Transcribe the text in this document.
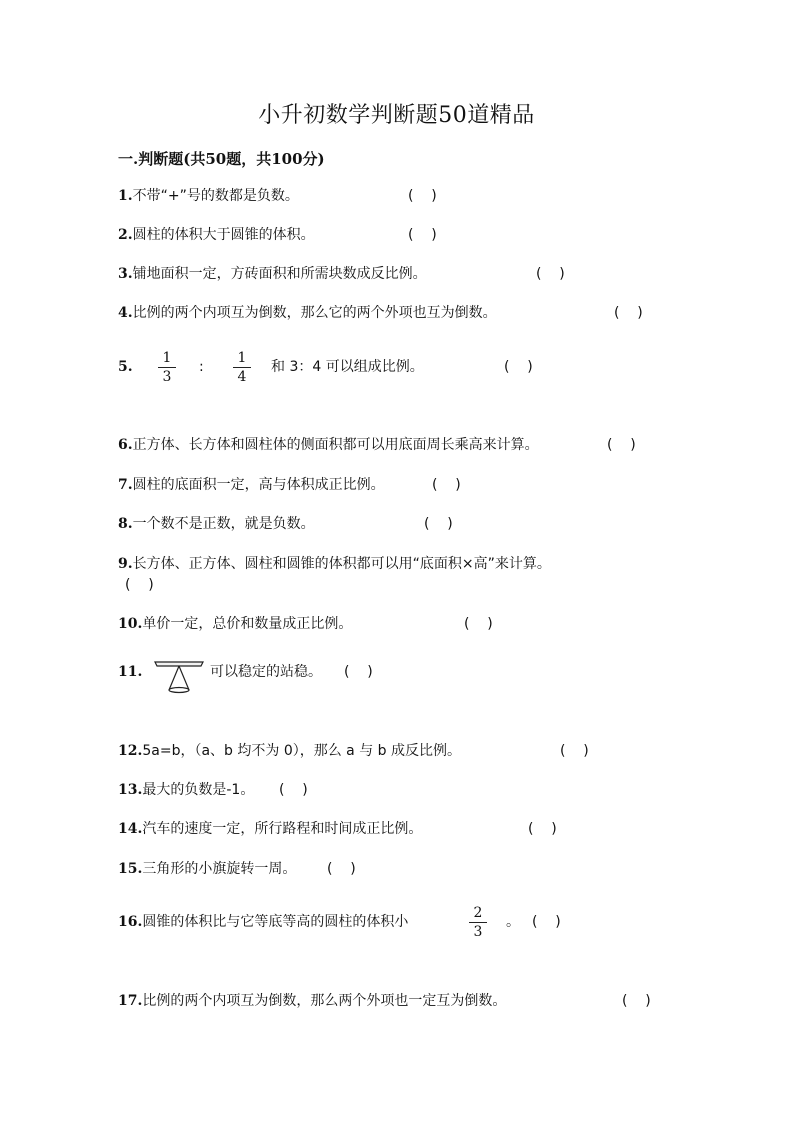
小升初数学判断题50道精品
一.判断题(共50题，共100分)
1.不带“+”号的数都是负数。	(    )
2.圆柱的体积大于圆锥的体积。	(    )
3.铺地面积一定，方砖面积和所需块数成反比例。	(    )
4.比例的两个内项互为倒数，那么它的两个外项也互为倒数。	(    )
5.
1
3
:
1
4
和 3：4 可以组成比例。	(    )
6.正方体、长方体和圆柱体的侧面积都可以用底面周长乘高来计算。	(    )
7.圆柱的底面积一定，高与体积成正比例。	(    )
8.一个数不是正数，就是负数。	(    )
9.长方体、正方体、圆柱和圆锥的体积都可以用“底面积×高”来计算。
(    )
10.单价一定，总价和数量成正比例。	(    )
11.	可以稳定的站稳。 (    )
12.5a=b，（a、b 均不为 0），那么 a 与 b 成反比例。	(    )
13.最大的负数是-1。 (    )
14.汽车的速度一定，所行路程和时间成正比例。	(    )
15.三角形的小旗旋转一周。 (    )
16.圆锥的体积比与它等底等高的圆柱的体积小
2
3
。 (    )
17.比例的两个内项互为倒数，那么两个外项也一定互为倒数。	(    )
